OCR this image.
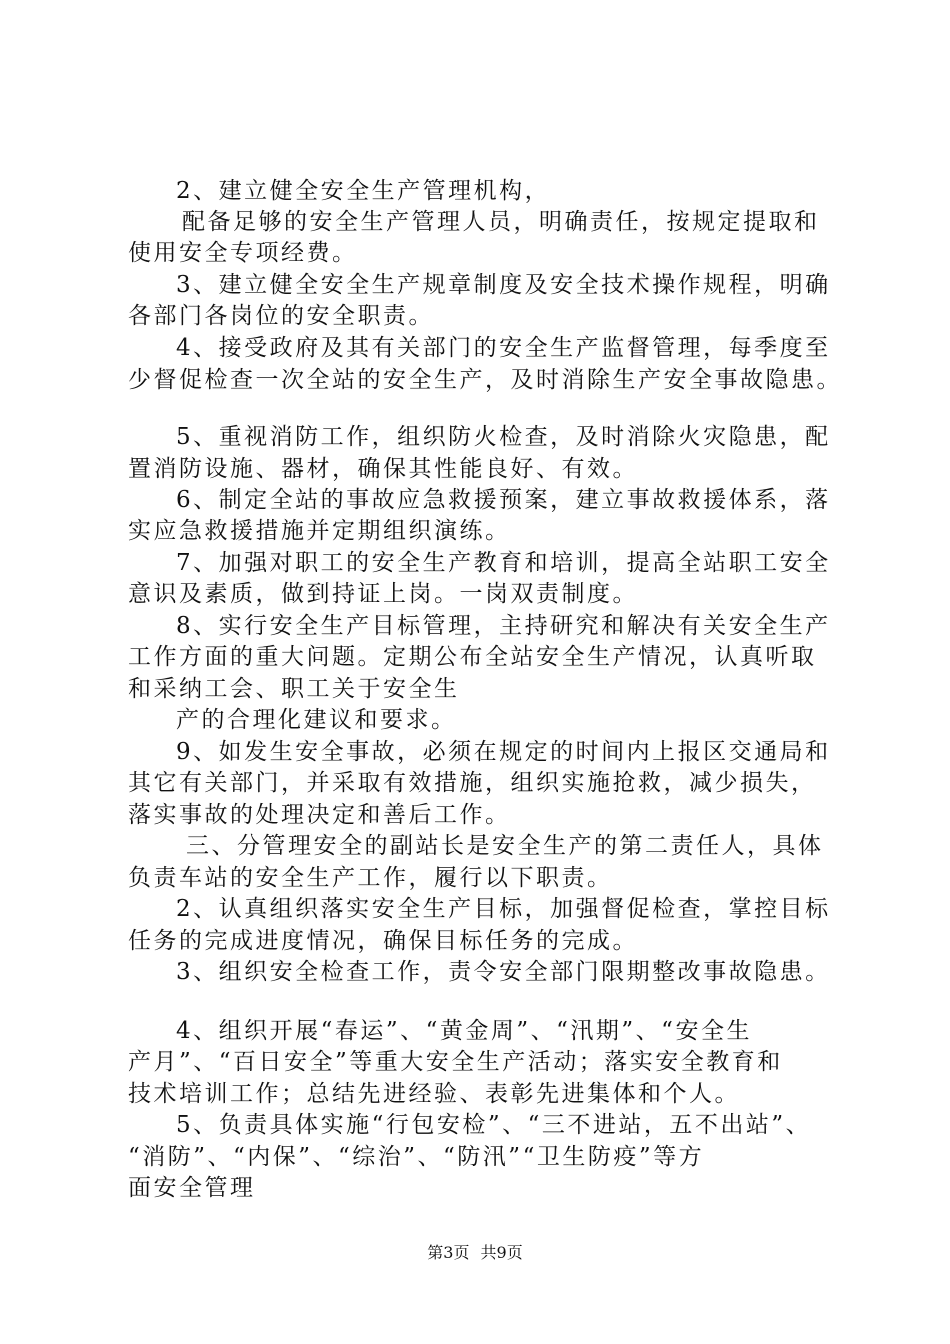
2、建立健全安全生产管理机构，
配备足够的安全生产管理人员，明确责任，按规定提取和
使用安全专项经费。
3、建立健全安全生产规章制度及安全技术操作规程，明确
各部门各岗位的安全职责。
4、接受政府及其有关部门的安全生产监督管理，每季度至
少督促检查一次全站的安全生产，及时消除生产安全事故隐患。
5、重视消防工作，组织防火检查，及时消除火灾隐患，配
置消防设施、器材，确保其性能良好、有效。
6、制定全站的事故应急救援预案，建立事故救援体系，落
实应急救援措施并定期组织演练。
7、加强对职工的安全生产教育和培训，提高全站职工安全
意识及素质，做到持证上岗。一岗双责制度。
8、实行安全生产目标管理，主持研究和解决有关安全生产
工作方面的重大问题。定期公布全站安全生产情况，认真听取
和采纳工会、职工关于安全生
产的合理化建议和要求。
9、如发生安全事故，必须在规定的时间内上报区交通局和
其它有关部门，并采取有效措施，组织实施抢救，减少损失，
落实事故的处理决定和善后工作。
三、分管理安全的副站长是安全生产的第二责任人，具体
负责车站的安全生产工作，履行以下职责。
2、认真组织落实安全生产目标，加强督促检查，掌控目标
任务的完成进度情况，确保目标任务的完成。
3、组织安全检查工作，责令安全部门限期整改事故隐患。
4、组织开展“春运”、“黄金周”、“汛期”、“安全生
产月”、“百日安全”等重大安全生产活动；落实安全教育和
技术培训工作；总结先进经验、表彰先进集体和个人。
5、负责具体实施“行包安检”、“三不进站，五不出站”、
“消防”、“内保”、“综治”、“防汛”“卫生防疫”等方
面安全管理
第3页 共9页
